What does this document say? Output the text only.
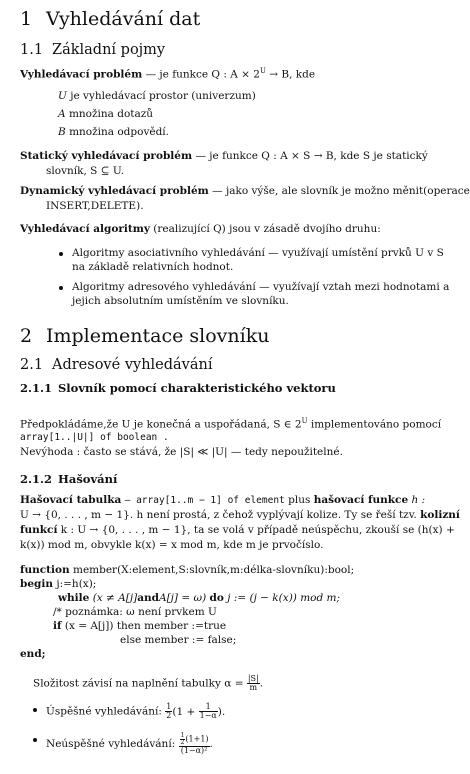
1 Vyhledávání dat
1.1 Základní pojmy
Vyhledávací problém — je funkce Q : $A \times 2^U \to B$, kde
U je vyhledávací prostor (univerzum)
A množina dotazů
B množina odpovědí.
Statický vyhledávací problém — je funkce Q : A × S → B, kde S je statický
slovník, S ⊆ U.
Dynamický vyhledávací problém — jako výše, ale slovník je možno měnit(operace
INSERT,DELETE).
Vyhledávací algoritmy (realizující Q) jsou v zásadě dvojího druhu:
Algoritmy asociativního vyhledávání — využívají umístění prvků U v S
na základě relativních hodnot.
Algoritmy adresového vyhledávání — využívají vztah mezi hodnotami a
jejich absolutním umístěním ve slovníku.
2 Implementace slovníku
2.1 Adresové vyhledávání
2.1.1 Slovník pomocí charakteristického vektoru
Předpokládáme,že U je konečná a uspořádaná, S ∈ $2^U$ implementováno pomocí
array[1..|U|] of boolean .
Nevýhoda : často se stává, že |S| ≪ |U| — tedy nepoužitelné.
2.1.2 Hašování
Hašovací tabulka — array[1..m − 1] of element plus hašovací funkce h :
U → {0, . . . , m − 1}. h není prostá, z čehož vyplývají kolize. Ty se řeší tzv. kolizní
funkcí k : U → {0, . . . , m − 1}, ta se volá v případě neúspěchu, zkouší se (h(x) +
k(x)) mod m, obvykle k(x) = x mod m, kde m je prvočíslo.
function member(X:element,S:slovník,m:délka-slovníku):bool;
begin j:=h(x);
while (x ≠ A[j]andA[j] = ω) do j := (j − k(x)) mod m;
/* poznámka: ω není prvkem U
if (x = A[j]) then member :=true
else member := false;
end;
Složitost závisí na naplnění tabulky $\alpha = \frac{|S|}{m}$ .
Úspěšné vyhledávání: $\frac{1}{2} (1 + \frac{1}{1-\alpha}$ ).
Neúspěšné vyhledávání: $\frac{\frac{1}{2} (1+1)}{\text{(1−α)²}}$ .
